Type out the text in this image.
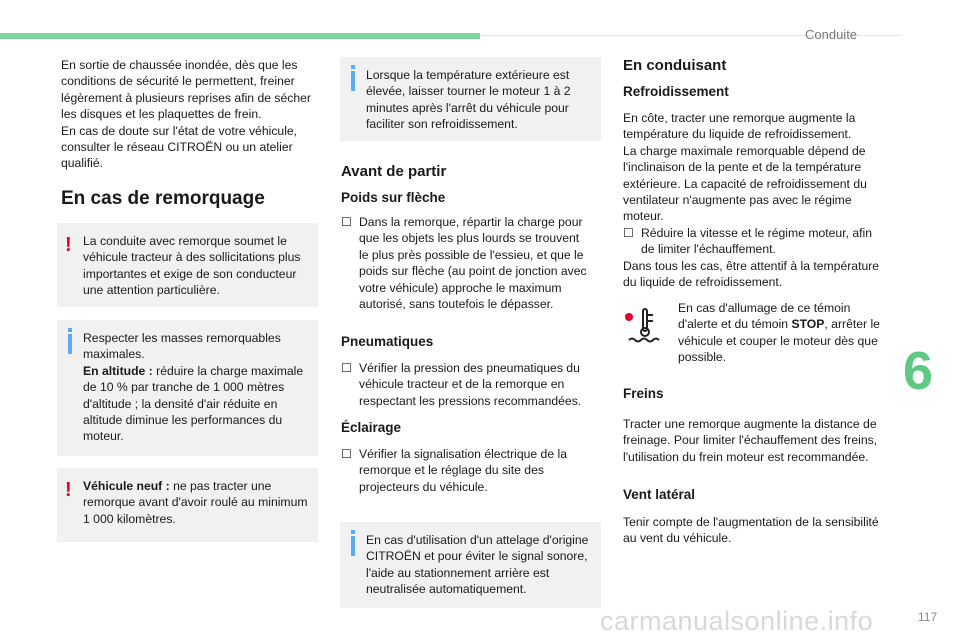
Conduite
6

En sortie de chaussée inondée, dès que les conditions de sécurité le permettent, freiner légèrement à plusieurs reprises afin de sécher les disques et les plaquettes de frein.

En cas de doute sur l'état de votre véhicule, consulter le réseau CITROËN ou un atelier qualifié.

En cas de remorquage
! La conduite avec remorque soumet le véhicule tracteur à des sollicitations plus importantes et exige de son conducteur une attention particulière.
Respecter les masses remorquables maximales.
En altitude : réduire la charge maximale de 10 % par tranche de 1 000 mètres d'altitude ; la densité d'air réduite en altitude diminue les performances du moteur.
! Véhicule neuf : ne pas tracter une remorque avant d'avoir roulé au minimum 1 000 kilomètres.
Lorsque la température extérieure est élevée, laisser tourner le moteur 1 à 2 minutes après l'arrêt du véhicule pour faciliter son refroidissement.
Avant de partir
Poids sur flèche

☐ Dans la remorque, répartir la charge pour que les objets les plus lourds se trouvent le plus près possible de l'essieu, et que le poids sur flèche (au point de jonction avec votre véhicule) approche le maximum autorisé, sans toutefois le dépasser.

Pneumatiques

☐ Vérifier la pression des pneumatiques du véhicule tracteur et de la remorque en respectant les pressions recommandées.

Éclairage

☐ Vérifier la signalisation électrique de la remorque et le réglage du site des projecteurs du véhicule.

En cas d'utilisation d'un attelage d'origine CITROËN et pour éviter le signal sonore, l'aide au stationnement arrière est neutralisée automatiquement.
En conduisant
Refroidissement

En côte, tracter une remorque augmente la température du liquide de refroidissement.

La charge maximale remorquable dépend de l'inclinaison de la pente et de la température extérieure. La capacité de refroidissement du ventilateur n'augmente pas avec le régime moteur.

☐ Réduire la vitesse et le régime moteur, afin de limiter l'échauffement.

Dans tous les cas, être attentif à la température du liquide de refroidissement.

En cas d'allumage de ce témoin d'alerte et du témoin STOP, arrêter le véhicule et couper le moteur dès que possible.

Freins

Tracter une remorque augmente la distance de freinage. Pour limiter l'échauffement des freins, l'utilisation du frein moteur est recommandée.

Vent latéral

Tenir compte de l'augmentation de la sensibilité au vent du véhicule.

carmanualsonline.info	117
